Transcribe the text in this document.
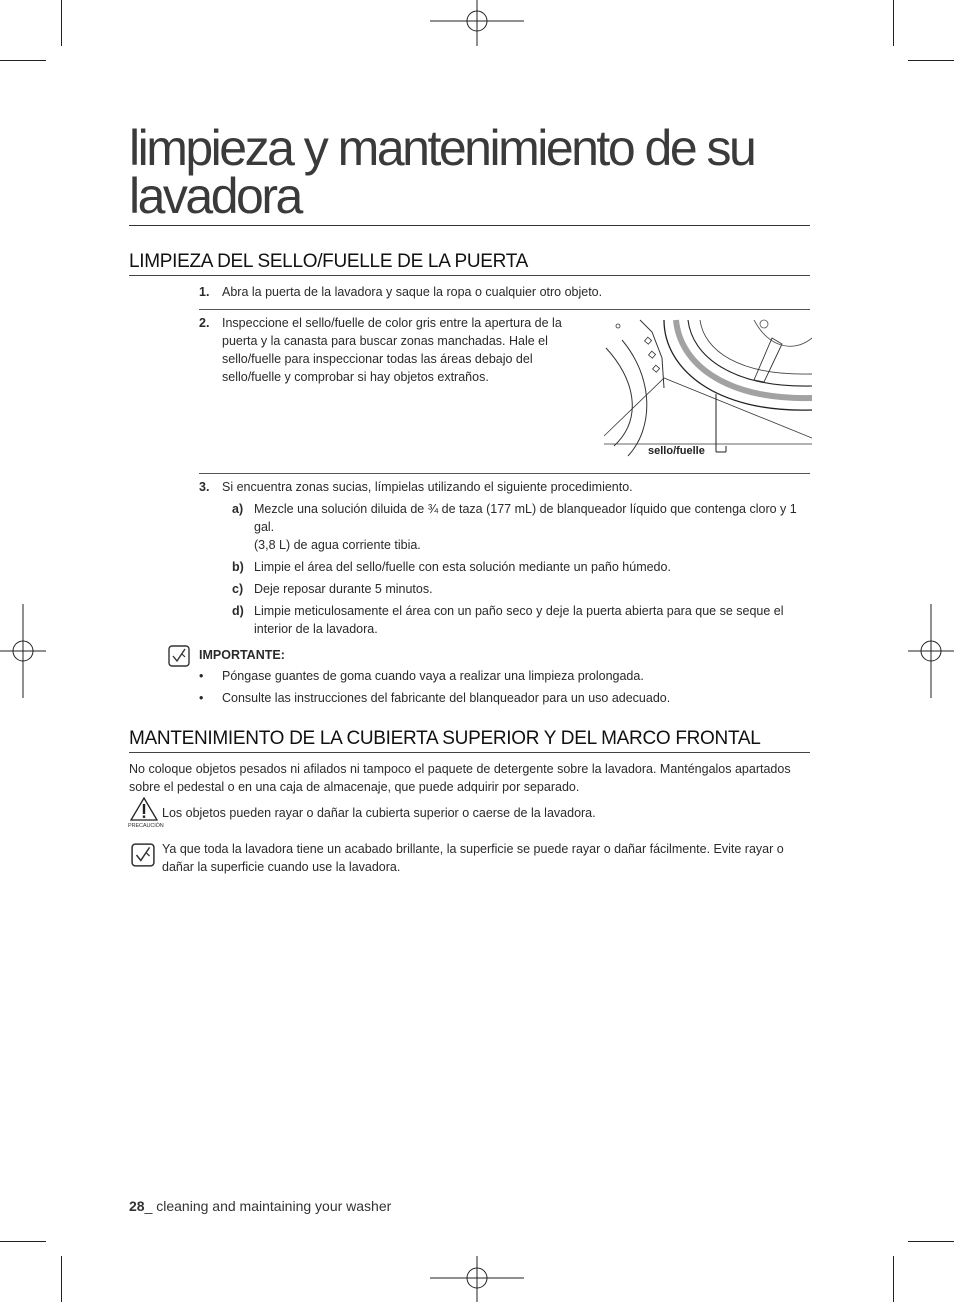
limpieza y mantenimiento de su lavadora
LIMPIEZA DEL SELLO/FUELLE DE LA PUERTA
1. Abra la puerta de la lavadora y saque la ropa o cualquier otro objeto.
2. Inspeccione el sello/fuelle de color gris entre la apertura de la puerta y la canasta para buscar zonas manchadas. Hale el sello/fuelle para inspeccionar todas las áreas debajo del sello/fuelle y comprobar si hay objetos extraños.
sello/fuelle
3. Si encuentra zonas sucias, límpielas utilizando el siguiente procedimiento.
a) Mezcle una solución diluida de ¾ de taza (177 mL) de blanqueador líquido que contenga cloro y 1 gal.
(3,8 L) de agua corriente tibia.
b) Limpie el área del sello/fuelle con esta solución mediante un paño húmedo.
c) Deje reposar durante 5 minutos.
d) Limpie meticulosamente el área con un paño seco y deje la puerta abierta para que se seque el interior de la lavadora.
IMPORTANTE:
• Póngase guantes de goma cuando vaya a realizar una limpieza prolongada.
• Consulte las instrucciones del fabricante del blanqueador para un uso adecuado.
MANTENIMIENTO DE LA CUBIERTA SUPERIOR Y DEL MARCO FRONTAL
No coloque objetos pesados ni afilados ni tampoco el paquete de detergente sobre la lavadora. Manténgalos apartados sobre el pedestal o en una caja de almacenaje, que puede adquirir por separado.
PRECAUCIÓN
Los objetos pueden rayar o dañar la cubierta superior o caerse de la lavadora.
Ya que toda la lavadora tiene un acabado brillante, la superficie se puede rayar o dañar fácilmente. Evite rayar o dañar la superficie cuando use la lavadora.
28_ cleaning and maintaining your washer
